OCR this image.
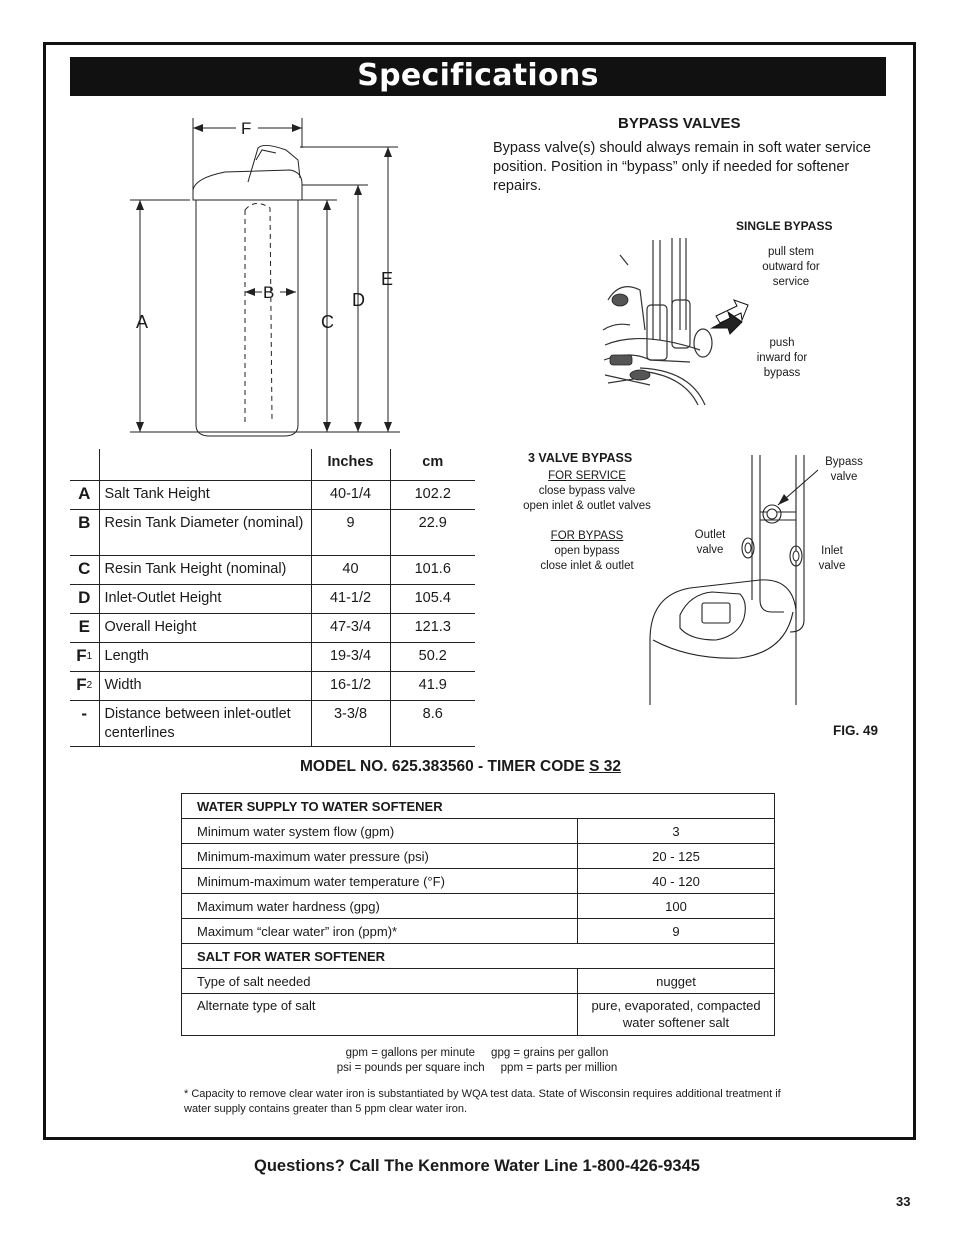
Specifications
F
B
A	C
D
E
BYPASS VALVES
Bypass valve(s) should always remain in soft water service position. Position in “bypass” only if needed for softener repairs.
SINGLE BYPASS
pull stem
outward for
service
push
inward for
bypass
3 VALVE BYPASS
FOR SERVICE
close bypass valve
open inlet & outlet valves
FOR BYPASS
open bypass
close inlet & outlet
Outlet
valve	Inlet
valve
Bypass
valve
FIG. 49
		Inches	cm
A	Salt Tank Height	40-1/4	102.2
B	Resin Tank Diameter (nominal)	9	22.9
C	Resin Tank Height (nominal)	40	101.6
D	Inlet-Outlet Height	41-1/2	105.4
E	Overall Height	47-3/4	121.3
F1	Length	19-3/4	50.2
F2	Width	16-1/2	41.9
-	Distance between inlet-outlet centerlines	3-3/8	8.6
MODEL NO. 625.383560 - TIMER CODE S 32
WATER SUPPLY TO WATER SOFTENER	
Minimum water system flow (gpm)	3
Minimum-maximum water pressure (psi)	20 - 125
Minimum-maximum water temperature (°F)	40 - 120
Maximum water hardness (gpg)	100
Maximum “clear water” iron (ppm)*	9
SALT FOR WATER SOFTENER	
Type of salt needed	nugget
Alternate type of salt	pure, evaporated, compacted water softener salt
gpm = gallons per minute     gpg = grains per gallon
psi = pounds per square inch     ppm = parts per million
* Capacity to remove clear water iron is substantiated by WQA test data. State of Wisconsin requires additional treatment if water supply contains greater than 5 ppm clear water iron.
Questions? Call The Kenmore Water Line 1-800-426-9345
33
